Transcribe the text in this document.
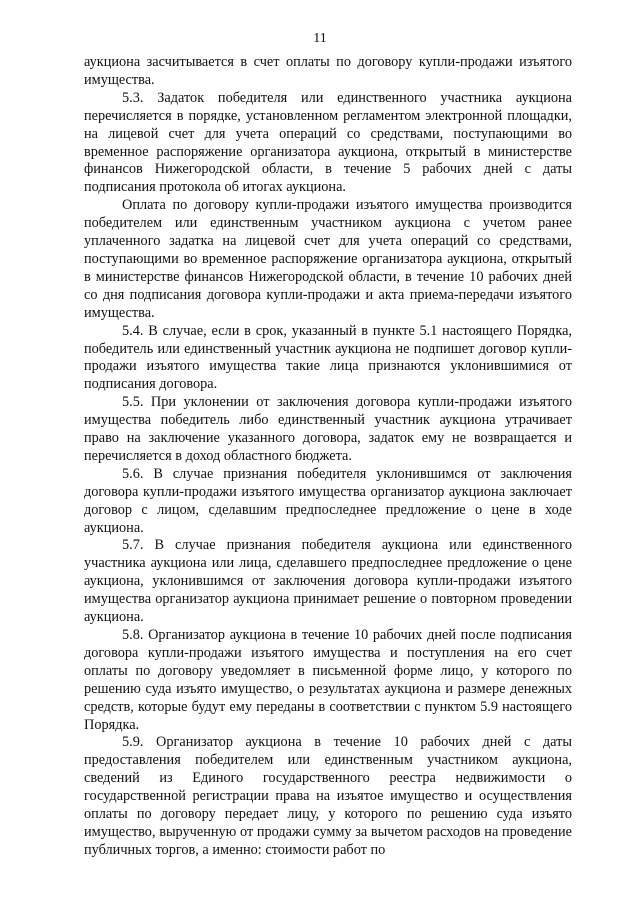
11

аукциона засчитывается в счет оплаты по договору купли-продажи изъятого имущества.

5.3. Задаток победителя или единственного участника аукциона перечисляется в порядке, установленном регламентом электронной площадки, на лицевой счет для учета операций со средствами, поступающими во временное распоряжение организатора аукциона, открытый в министерстве финансов Нижегородской области, в течение 5 рабочих дней с даты подписания протокола об итогах аукциона.

Оплата по договору купли-продажи изъятого имущества производится победителем или единственным участником аукциона с учетом ранее уплаченного задатка на лицевой счет для учета операций со средствами, поступающими во временное распоряжение организатора аукциона, открытый в министерстве финансов Нижегородской области, в течение 10 рабочих дней со дня подписания договора купли-продажи и акта приема-передачи изъятого имущества.

5.4. В случае, если в срок, указанный в пункте 5.1 настоящего Порядка, победитель или единственный участник аукциона не подпишет договор купли-продажи изъятого имущества такие лица признаются уклонившимися от подписания договора.

5.5. При уклонении от заключения договора купли-продажи изъятого имущества победитель либо единственный участник аукциона утрачивает право на заключение указанного договора, задаток ему не возвращается и перечисляется в доход областного бюджета.

5.6. В случае признания победителя уклонившимся от заключения договора купли-продажи изъятого имущества организатор аукциона заключает договор с лицом, сделавшим предпоследнее предложение о цене в ходе аукциона.

5.7. В случае признания победителя аукциона или единственного участника аукциона или лица, сделавшего предпоследнее предложение о цене аукциона, уклонившимся от заключения договора купли-продажи изъятого имущества организатор аукциона принимает решение о повторном проведении аукциона.

5.8. Организатор аукциона в течение 10 рабочих дней после подписания договора купли-продажи изъятого имущества и поступления на его счет оплаты по договору уведомляет в письменной форме лицо, у которого по решению суда изъято имущество, о результатах аукциона и размере денежных средств, которые будут ему переданы в соответствии с пунктом 5.9 настоящего Порядка.

5.9. Организатор аукциона в течение 10 рабочих дней с даты предоставления победителем или единственным участником аукциона, сведений из Единого государственного реестра недвижимости о государственной регистрации права на изъятое имущество и осуществления оплаты по договору передает лицу, у которого по решению суда изъято имущество, вырученную от продажи сумму за вычетом расходов на проведение публичных торгов, а именно: стоимости работ по
